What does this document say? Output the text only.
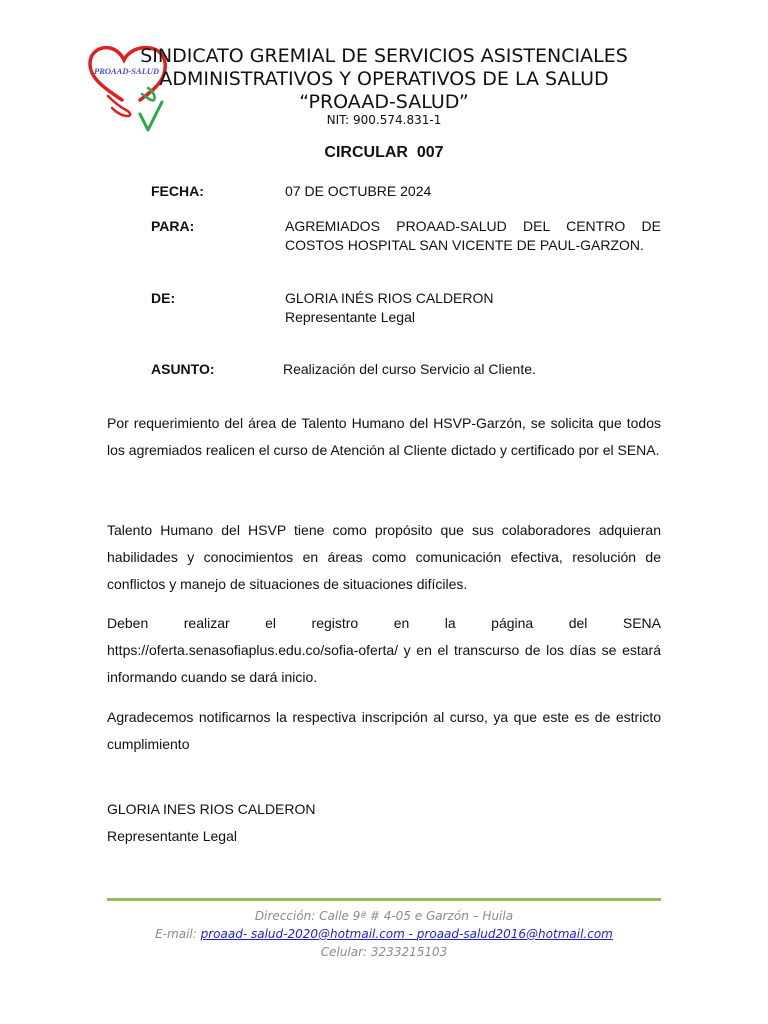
PROAAD-SALUD
SINDICATO GREMIAL DE SERVICIOS ASISTENCIALES
ADMINISTRATIVOS Y OPERATIVOS DE LA SALUD
“PROAAD-SALUD”
NIT: 900.574.831-1
CIRCULAR  007
FECHA:	07 DE OCTUBRE 2024
PARA:	AGREMIADOS PROAAD-SALUD DEL CENTRO DE COSTOS HOSPITAL SAN VICENTE DE PAUL-GARZON.
DE:	GLORIA INÉS RIOS CALDERON
Representante Legal
ASUNTO:	Realización del curso Servicio al Cliente.

Por requerimiento del área de Talento Humano del HSVP-Garzón, se solicita que todos los agremiados realicen el curso de Atención al Cliente dictado y certificado por el SENA.

Talento Humano del HSVP tiene como propósito que sus colaboradores adquieran habilidades y conocimientos en áreas como comunicación efectiva, resolución de conflictos y manejo de situaciones de situaciones difíciles.

Deben realizar el registro en la página del SENA https://oferta.senasofiaplus.edu.co/sofia-oferta/ y en el transcurso de los días se estará informando cuando se dará inicio.

Agradecemos notificarnos la respectiva inscripción al curso, ya que este es de estricto cumplimiento

GLORIA INES RIOS CALDERON
Representante Legal
Dirección: Calle 9ª # 4-05 e Garzón – Huila
E-mail: proaad- salud-2020@hotmail.com - proaad-salud2016@hotmail.com
Celular: 3233215103
